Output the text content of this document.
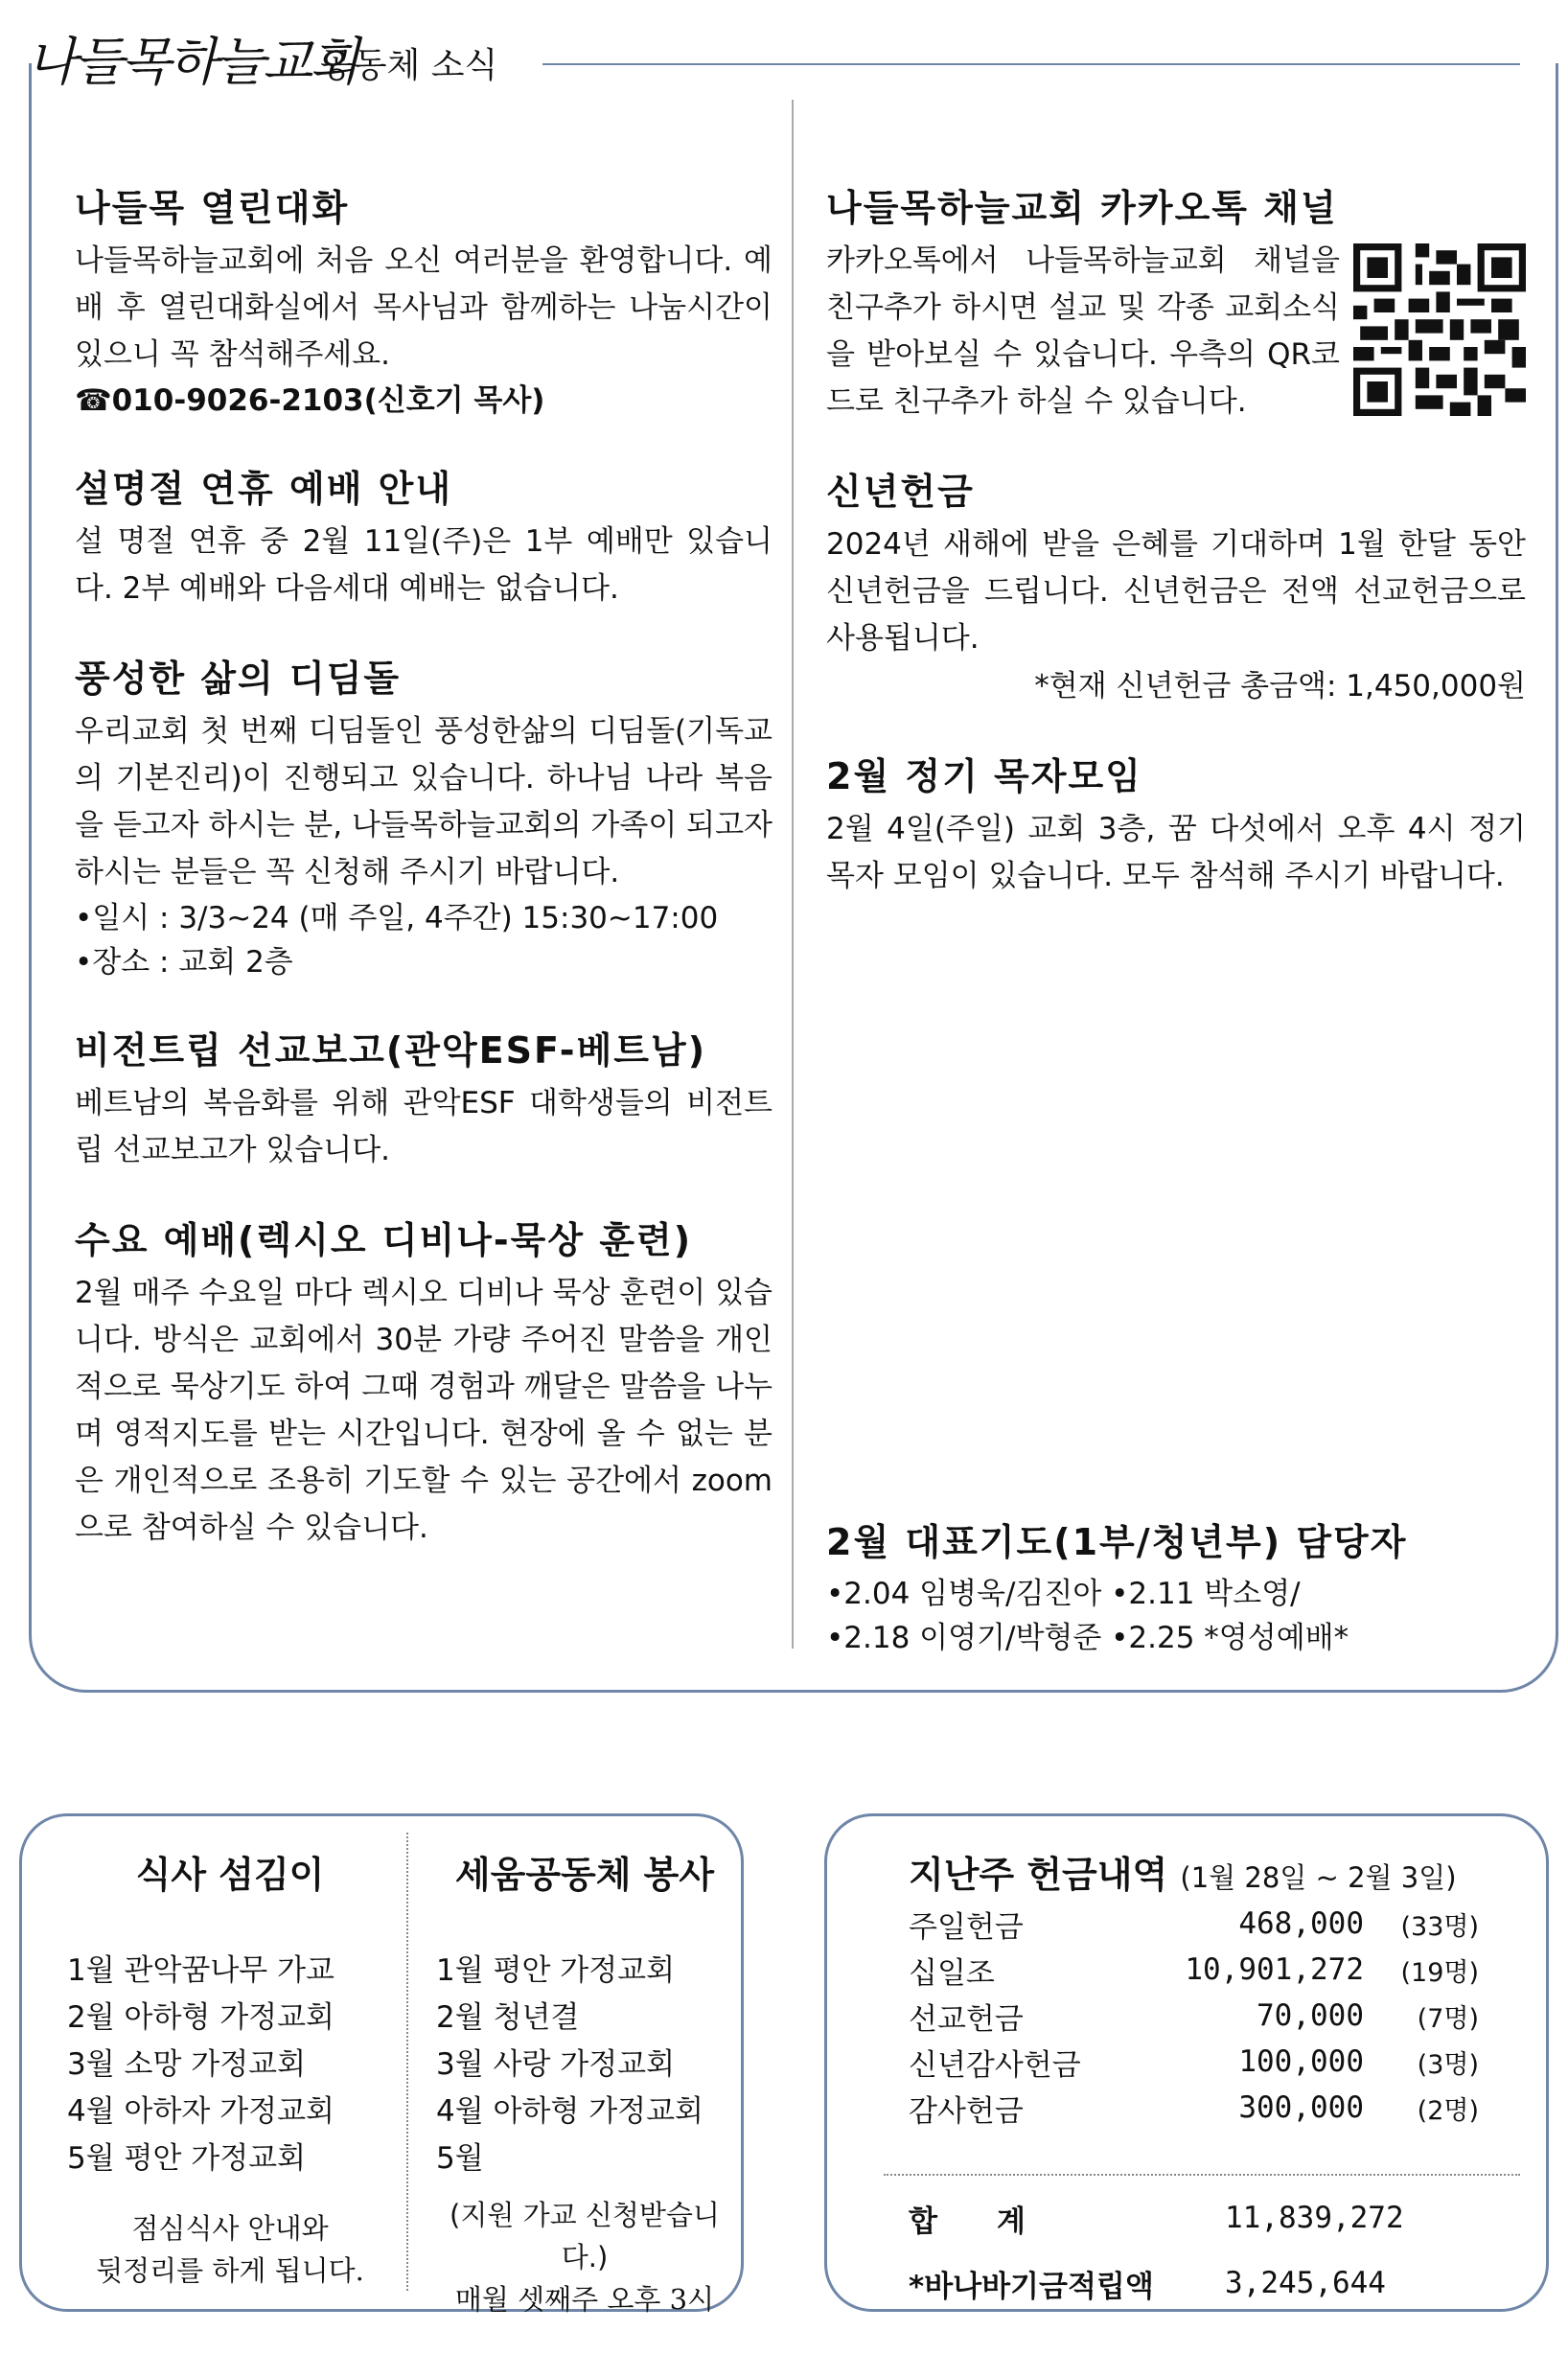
나들목하늘교회
공동체 소식
나들목 열린대화
나들목하늘교회에 처음 오신 여러분을 환영합니다. 예배 후 열린대화실에서 목사님과 함께하는 나눔시간이 있으니 꼭 참석해주세요.
☎010-9026-2103(신호기 목사)
설명절 연휴 예배 안내
설 명절 연휴 중 2월 11일(주)은 1부 예배만 있습니다. 2부 예배와 다음세대 예배는 없습니다.
풍성한 삶의 디딤돌
우리교회 첫 번째 디딤돌인 풍성한삶의 디딤돌(기독교의 기본진리)이 진행되고 있습니다. 하나님 나라 복음을 듣고자 하시는 분, 나들목하늘교회의 가족이 되고자 하시는 분들은 꼭 신청해 주시기 바랍니다.
•일시 : 3/3~24 (매 주일, 4주간) 15:30~17:00
•장소 : 교회 2층
비전트립 선교보고(관악ESF-베트남)
베트남의 복음화를 위해 관악ESF 대학생들의 비전트립 선교보고가 있습니다.
수요 예배(렉시오 디비나-묵상 훈련)
2월 매주 수요일 마다 렉시오 디비나 묵상 훈련이 있습니다. 방식은 교회에서 30분 가량 주어진 말씀을 개인적으로 묵상기도 하여 그때 경험과 깨달은 말씀을 나누며 영적지도를 받는 시간입니다. 현장에 올 수 없는 분은 개인적으로 조용히 기도할 수 있는 공간에서 zoom으로 참여하실 수 있습니다.
나들목하늘교회 카카오톡 채널
카카오톡에서 나들목하늘교회 채널을 친구추가 하시면 설교 및 각종 교회소식을 받아보실 수 있습니다. 우측의 QR코드로 친구추가 하실 수 있습니다.
신년헌금
2024년 새해에 받을 은혜를 기대하며 1월 한달 동안 신년헌금을 드립니다. 신년헌금은 전액 선교헌금으로 사용됩니다.
*현재 신년헌금 총금액: 1,450,000원
2월 정기 목자모임
2월 4일(주일) 교회 3층, 꿈 다섯에서 오후 4시 정기 목자 모임이 있습니다. 모두 참석해 주시기 바랍니다.
2월 대표기도(1부/청년부) 담당자
•2.04 임병욱/김진아 •2.11 박소영/
•2.18 이영기/박형준 •2.25 *영성예배*
식사 섬김이
1월 관악꿈나무 가교
2월 아하형 가정교회
3월 소망 가정교회
4월 아하자 가정교회
5월 평안 가정교회
점심식사 안내와
뒷정리를 하게 됩니다.
세움공동체 봉사
1월 평안 가정교회
2월 청년결
3월 사랑 가정교회
4월 아하형 가정교회
5월
(지원 가교 신청받습니다.)
매월 셋째주 오후 3시
지난주 헌금내역 (1월 28일 ~ 2월 3일)
주일헌금	468,000	(33명)
십일조	10,901,272	(19명)
선교헌금	70,000	(7명)
신년감사헌금	100,000	(3명)
감사헌금	300,000	(2명)
합　　계	11,839,272
*바나바기금적립액	3,245,644
